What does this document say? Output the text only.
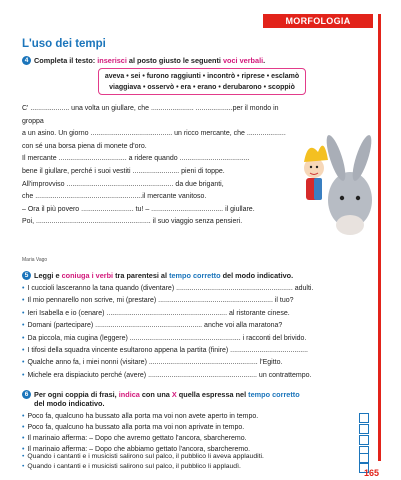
MORFOLOGIA
L'uso dei tempi
4 Completa il testo: inserisci al posto giusto le seguenti voci verbali.
aveva • sei • furono raggiunti • incontrò • riprese • esclamò
viaggiava • osservò • era • erano • derubarono • scoppiò
C' .................... una volta un giullare, che ...................... ...................per il mondo in groppa
a un asino. Un giorno .......................................... un ricco mercante, che ....................
con sé una borsa piena di monete d'oro.
Il mercante ................................... a ridere quando ....................................
bene il giullare, perché i suoi vestiti ........................ pieni di toppe.
All'improvviso ....................................................... da due briganti,
che .......................................................il mercante vanitoso.
– Ora il più povero ........................... tu! – ..................................... il giullare.
Poi, ........................................................... il suo viaggio senza pensieri.
Maria Vago
5 Leggi e coniuga i verbi tra parentesi al tempo corretto del modo indicativo.
• I cuccioli lasceranno la tana quando (diventare) ............................................................ adulti.
• Il mio pennarello non scrive, mi (prestare) ........................................................... il tuo?
• Ieri Isabella e io (cenare) .............................................................. al ristorante cinese.
• Domani (partecipare) ....................................................... anche voi alla maratona?
• Da piccola, mia cugina (leggere) ......................................................... i racconti del brivido.
• I tifosi della squadra vincente esultarono appena la partita (finire) ........................................
• Qualche anno fa, i miei nonni (visitare) ........................................................ l'Egitto.
• Michele era dispiaciuto perché (avere) ........................................................ un contrattempo.
6 Per ogni coppia di frasi, indica con una X quella espressa nel tempo corretto
del modo indicativo.
• Poco fa, qualcuno ha bussato alla porta ma voi non avete aperto in tempo.
• Poco fa, qualcuno ha bussato alla porta ma voi non aprivate in tempo.
• Il marinaio afferma: – Dopo che avremo gettato l'ancora, sbarcheremo.
• Il marinaio afferma: – Dopo che abbiamo gettato l'ancora, sbarcheremo.
• Quando i cantanti e i musicisti salirono sul palco, il pubblico li aveva applauditi.
• Quando i cantanti e i musicisti salirono sul palco, il pubblico li applaudì.
165
